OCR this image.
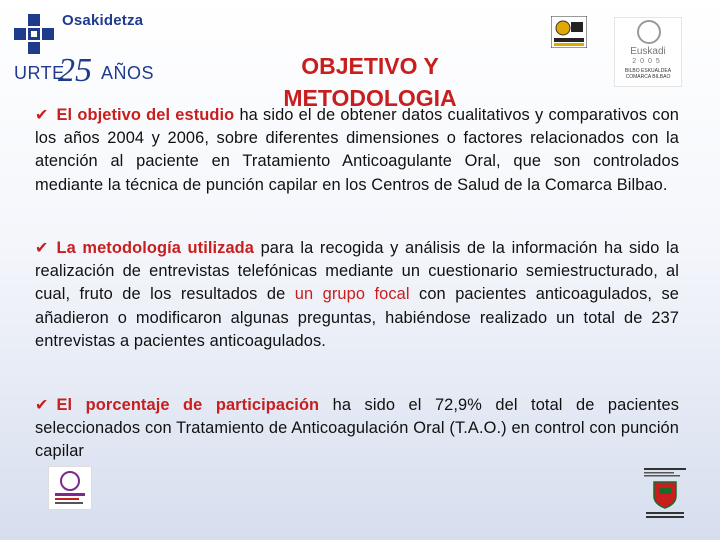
Osakidetza
URTE
25 AÑOS	OBJETIVO Y
METODOLOGIA
Euskadi
2005
BILBO ESKUALDEA COMARCA BILBAO
✔︎ El objetivo del estudio ha sido el de obtener datos cualitativos y comparativos con los años 2004 y 2006, sobre diferentes dimensiones o factores relacionados con la atención al paciente en Tratamiento Anticoagulante Oral, que son controlados mediante la técnica de punción capilar en los Centros de Salud de la Comarca Bilbao.
✔︎ La metodología utilizada para la recogida y análisis de la información ha sido la realización de entrevistas telefónicas mediante un cuestionario semiestructurado, al cual, fruto de los resultados de un grupo focal con pacientes anticoagulados, se añadieron o modificaron algunas preguntas, habiéndose realizado un total de 237 entrevistas a pacientes anticoagulados.
✔︎ El porcentaje de participación ha sido el 72,9% del total de pacientes seleccionados con Tratamiento de Anticoagulación Oral (T.A.O.) en control con punción capilar
